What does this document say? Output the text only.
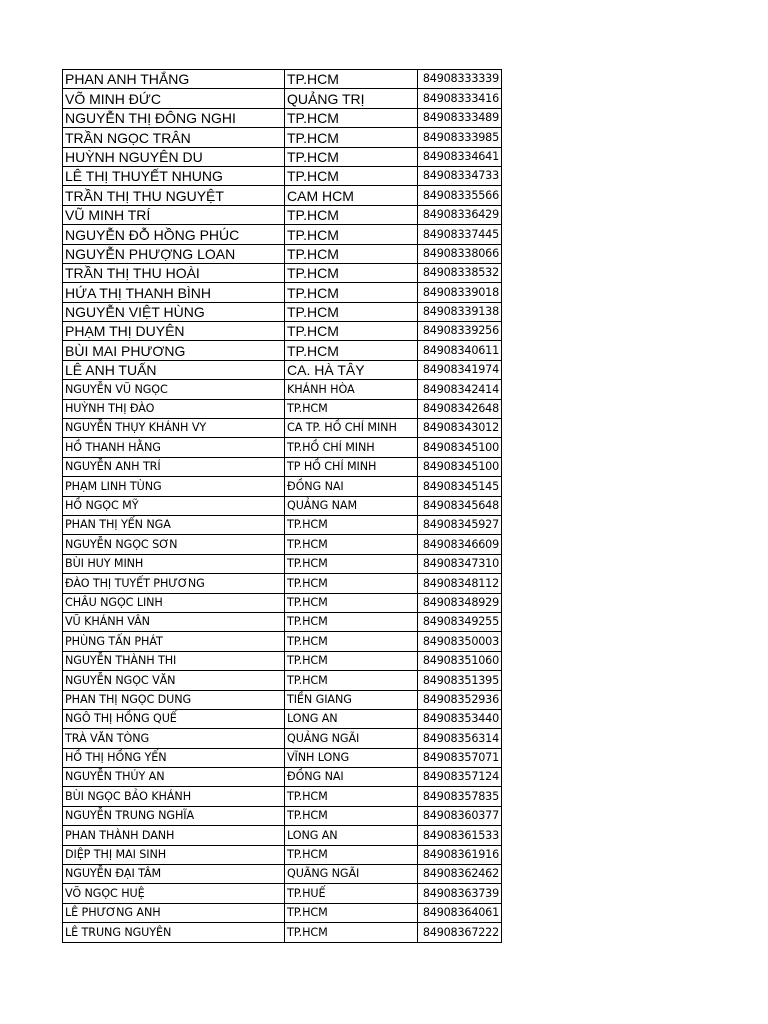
PHAN ANH THẮNG	TP.HCM	84908333339
VÕ MINH ĐỨC	QUẢNG TRỊ	84908333416
NGUYỄN THỊ ĐÔNG NGHI	TP.HCM	84908333489
TRẦN NGỌC TRÂN	TP.HCM	84908333985
HUỲNH NGUYÊN DU	TP.HCM	84908334641
LÊ THỊ THUYẾT NHUNG	TP.HCM	84908334733
TRẦN THỊ THU NGUYỆT	CAM HCM	84908335566
VŨ MINH TRÍ	TP.HCM	84908336429
NGUYỄN ĐỖ HỒNG PHÚC	TP.HCM	84908337445
NGUYỄN PHƯỢNG LOAN	TP.HCM	84908338066
TRẦN THỊ THU HOÀI	TP.HCM	84908338532
HỨA THỊ THANH BÌNH	TP.HCM	84908339018
NGUYỄN VIỆT HÙNG	TP.HCM	84908339138
PHẠM THỊ DUYÊN	TP.HCM	84908339256
BÙI MAI PHƯƠNG	TP.HCM	84908340611
LÊ ANH TUẤN	CA. HÀ TÂY	84908341974
NGUYỄN VŨ NGỌC	KHÁNH HÒA	84908342414
HUỲNH THỊ ĐÀO	TP.HCM	84908342648
NGUYỄN THỤY KHÁNH VY	CA TP. HỒ CHÍ MINH	84908343012
HỒ THANH HẰNG	TP.HỒ CHÍ MINH	84908345100
NGUYỄN ANH TRÍ	TP HỒ CHÍ MINH	84908345100
PHẠM LINH TÙNG	ĐỒNG NAI	84908345145
HỒ NGỌC MỸ	QUẢNG NAM	84908345648
PHAN THỊ YẾN NGA	TP.HCM	84908345927
NGUYỄN NGỌC SƠN	TP.HCM	84908346609
BÙI HUY MINH	TP.HCM	84908347310
ĐÀO THỊ TUYẾT PHƯƠNG	TP.HCM	84908348112
CHÂU NGỌC LINH	TP.HCM	84908348929
VŨ KHÁNH VÂN	TP.HCM	84908349255
PHÙNG TẤN PHÁT	TP.HCM	84908350003
NGUYỄN THÀNH THI	TP.HCM	84908351060
NGUYỄN NGỌC VĂN	TP.HCM	84908351395
PHAN THỊ NGỌC DUNG	TIỀN GIANG	84908352936
NGÔ THỊ HỒNG QUẾ	LONG AN	84908353440
TRÀ VĂN TÒNG	QUẢNG NGÃI	84908356314
HỒ THỊ HỒNG YẾN	VĨNH LONG	84908357071
NGUYỄN THÚY AN	ĐỒNG NAI	84908357124
BÙI NGỌC BẢO KHÁNH	TP.HCM	84908357835
NGUYỄN TRUNG NGHĨA	TP.HCM	84908360377
PHAN THÀNH DANH	LONG AN	84908361533
DIỆP THỊ MAI SINH	TP.HCM	84908361916
NGUYỄN ĐẠI TÂM	QUÃNG NGÃI	84908362462
VÕ NGỌC HUỆ	TP.HUẾ	84908363739
LÊ PHƯƠNG ANH	TP.HCM	84908364061
LÊ TRUNG NGUYÊN	TP.HCM	84908367222
